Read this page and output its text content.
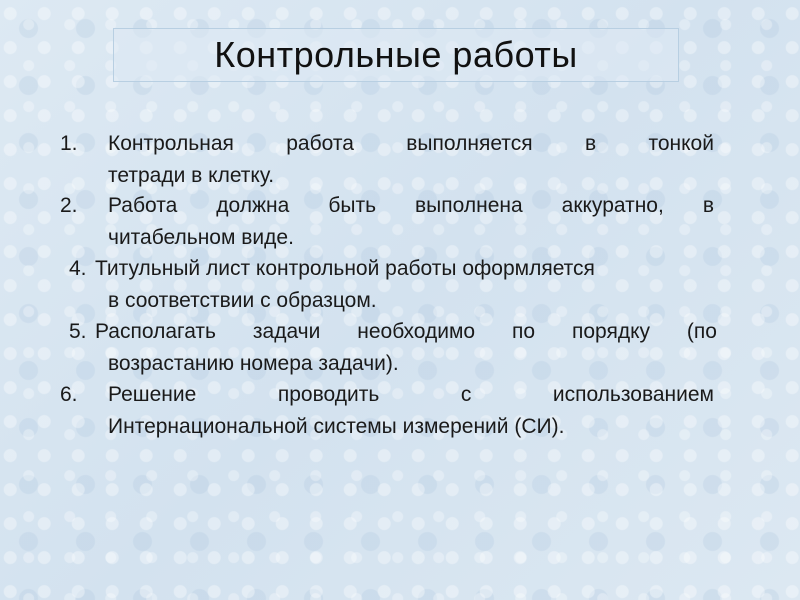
Контрольные работы
1. Контрольная работа выполняется в тонкой
тетради в клетку.
2. Работа должна быть выполнена аккуратно, в
читабельном виде.
4. Титульный лист контрольной работы оформляется
в соответствии с образцом.
5. Располагать задачи необходимо по порядку (по
возрастанию номера задачи).
6. Решение	проводить	с	использованием
Интернациональной системы измерений (СИ).
